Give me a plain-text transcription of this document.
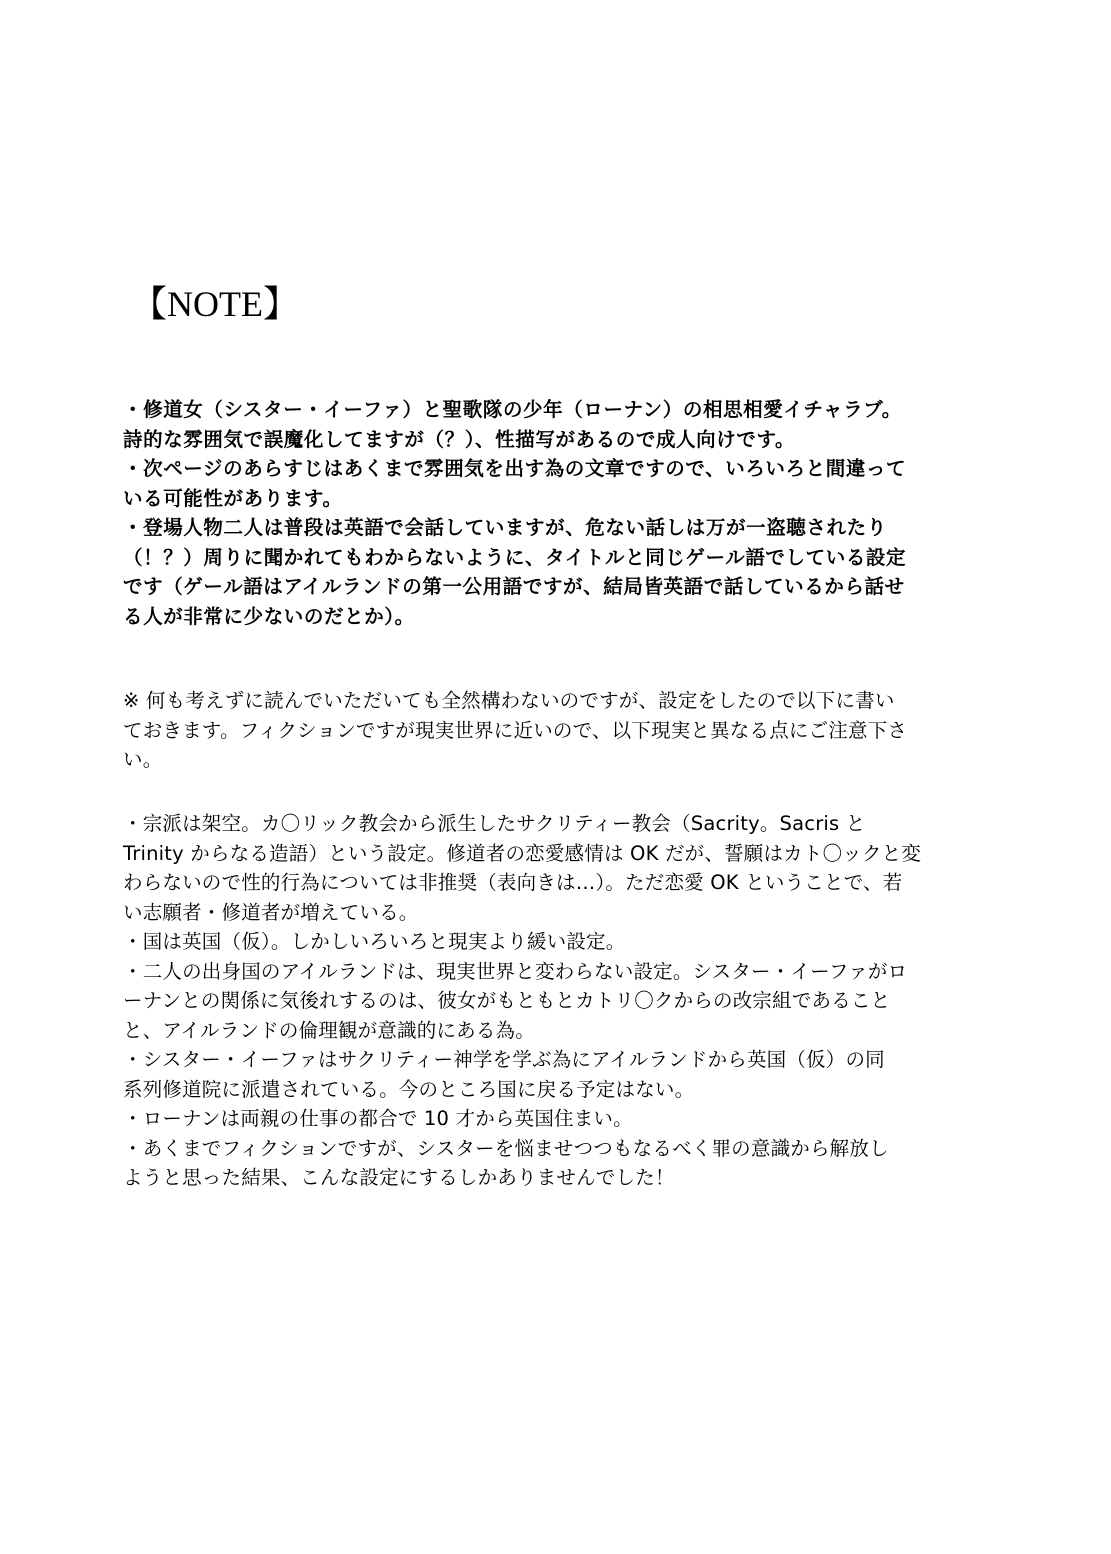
【NOTE】

・修道女（シスター・イーファ）と聖歌隊の少年（ローナン）の相思相愛イチャラブ。

詩的な雰囲気で誤魔化してますが（？）、性描写があるので成人向けです。

・次ページのあらすじはあくまで雰囲気を出す為の文章ですので、いろいろと間違って

いる可能性があります。

・登場人物二人は普段は英語で会話していますが、危ない話しは万が一盗聴されたり

（！？）周りに聞かれてもわからないように、タイトルと同じゲール語でしている設定

です（ゲール語はアイルランドの第一公用語ですが、結局皆英語で話しているから話せ

る人が非常に少ないのだとか）。

※ 何も考えずに読んでいただいても全然構わないのですが、設定をしたので以下に書い

ておきます。フィクションですが現実世界に近いので、以下現実と異なる点にご注意下さ

い。

・宗派は架空。カ〇リック教会から派生したサクリティー教会（Sacrity。Sacris と

Trinity からなる造語）という設定。修道者の恋愛感情は OK だが、誓願はカト〇ックと変

わらないので性的行為については非推奨（表向きは…）。ただ恋愛 OK ということで、若

い志願者・修道者が増えている。

・国は英国（仮）。しかしいろいろと現実より緩い設定。

・二人の出身国のアイルランドは、現実世界と変わらない設定。シスター・イーファがロ

ーナンとの関係に気後れするのは、彼女がもともとカトリ〇クからの改宗組であること

と、アイルランドの倫理観が意識的にある為。

・シスター・イーファはサクリティー神学を学ぶ為にアイルランドから英国（仮）の同

系列修道院に派遣されている。今のところ国に戻る予定はない。

・ローナンは両親の仕事の都合で 10 才から英国住まい。

・あくまでフィクションですが、シスターを悩ませつつもなるべく罪の意識から解放し

ようと思った結果、こんな設定にするしかありませんでした！
